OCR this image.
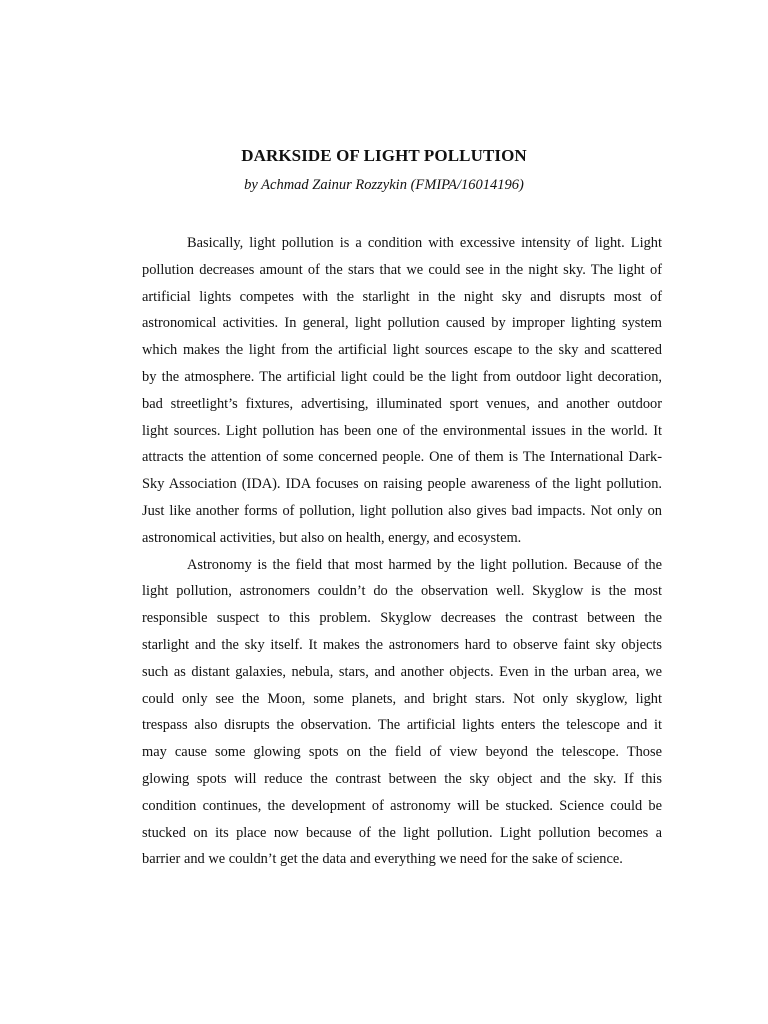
DARKSIDE OF LIGHT POLLUTION

by Achmad Zainur Rozzykin (FMIPA/16014196)

Basically, light pollution is a condition with excessive intensity of light. Light
pollution decreases amount of the stars that we could see in the night sky. The light of
artificial lights competes with the starlight in the night sky and disrupts most of
astronomical activities. In general, light pollution caused by improper lighting system
which makes the light from the artificial light sources escape to the sky and scattered
by the atmosphere. The artificial light could be the light from outdoor light decoration,
bad streetlight’s fixtures, advertising, illuminated sport venues, and another outdoor
light sources. Light pollution has been one of the environmental issues in the world. It
attracts the attention of some concerned people. One of them is The International Dark-
Sky Association (IDA). IDA focuses on raising people awareness of the light pollution.
Just like another forms of pollution, light pollution also gives bad impacts. Not only on
astronomical activities, but also on health, energy, and ecosystem.
Astronomy is the field that most harmed by the light pollution. Because of the
light pollution, astronomers couldn’t do the observation well. Skyglow is the most
responsible suspect to this problem. Skyglow decreases the contrast between the
starlight and the sky itself. It makes the astronomers hard to observe faint sky objects
such as distant galaxies, nebula, stars, and another objects. Even in the urban area, we
could only see the Moon, some planets, and bright stars. Not only skyglow, light
trespass also disrupts the observation. The artificial lights enters the telescope and it
may cause some glowing spots on the field of view beyond the telescope. Those
glowing spots will reduce the contrast between the sky object and the sky. If this
condition continues, the development of astronomy will be stucked. Science could be
stucked on its place now because of the light pollution. Light pollution becomes a
barrier and we couldn’t get the data and everything we need for the sake of science.
